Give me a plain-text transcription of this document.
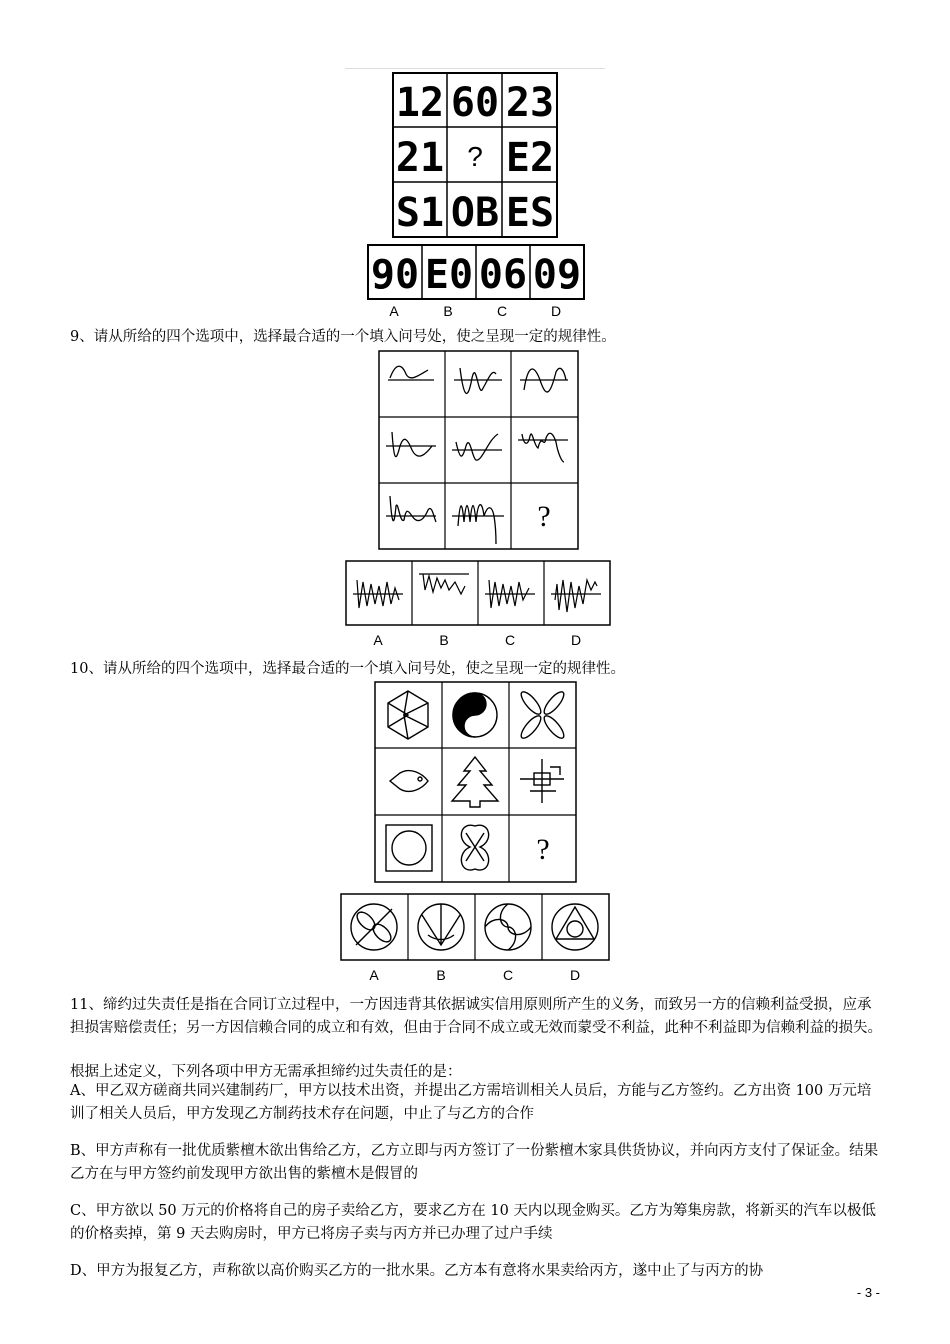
12 60 23
21 ? E2
S1 OB ES
90 E0 06 09
A	B	C	D
9、请从所给的四个选项中，选择最合适的一个填入问号处，使之呈现一定的规律性。
?
A	B	C	D
10、请从所给的四个选项中，选择最合适的一个填入问号处，使之呈现一定的规律性。
?
A	B	C	D
11、缔约过失责任是指在合同订立过程中，一方因违背其依据诚实信用原则所产生的义务，而致另一方的信赖利益受损，应承担损害赔偿责任；另一方因信赖合同的成立和有效，但由于合同不成立或无效而蒙受不利益，此种不利益即为信赖利益的损失。
根据上述定义，下列各项中甲方无需承担缔约过失责任的是：
A、甲乙双方磋商共同兴建制药厂，甲方以技术出资，并提出乙方需培训相关人员后，方能与乙方签约。乙方出资 100 万元培训了相关人员后，甲方发现乙方制药技术存在问题，中止了与乙方的合作
B、甲方声称有一批优质紫檀木欲出售给乙方，乙方立即与丙方签订了一份紫檀木家具供货协议，并向丙方支付了保证金。结果乙方在与甲方签约前发现甲方欲出售的紫檀木是假冒的
C、甲方欲以 50 万元的价格将自己的房子卖给乙方，要求乙方在 10 天内以现金购买。乙方为筹集房款，将新买的汽车以极低的价格卖掉，第 9 天去购房时，甲方已将房子卖与丙方并已办理了过户手续
D、甲方为报复乙方，声称欲以高价购买乙方的一批水果。乙方本有意将水果卖给丙方，遂中止了与丙方的协
- 3 -
